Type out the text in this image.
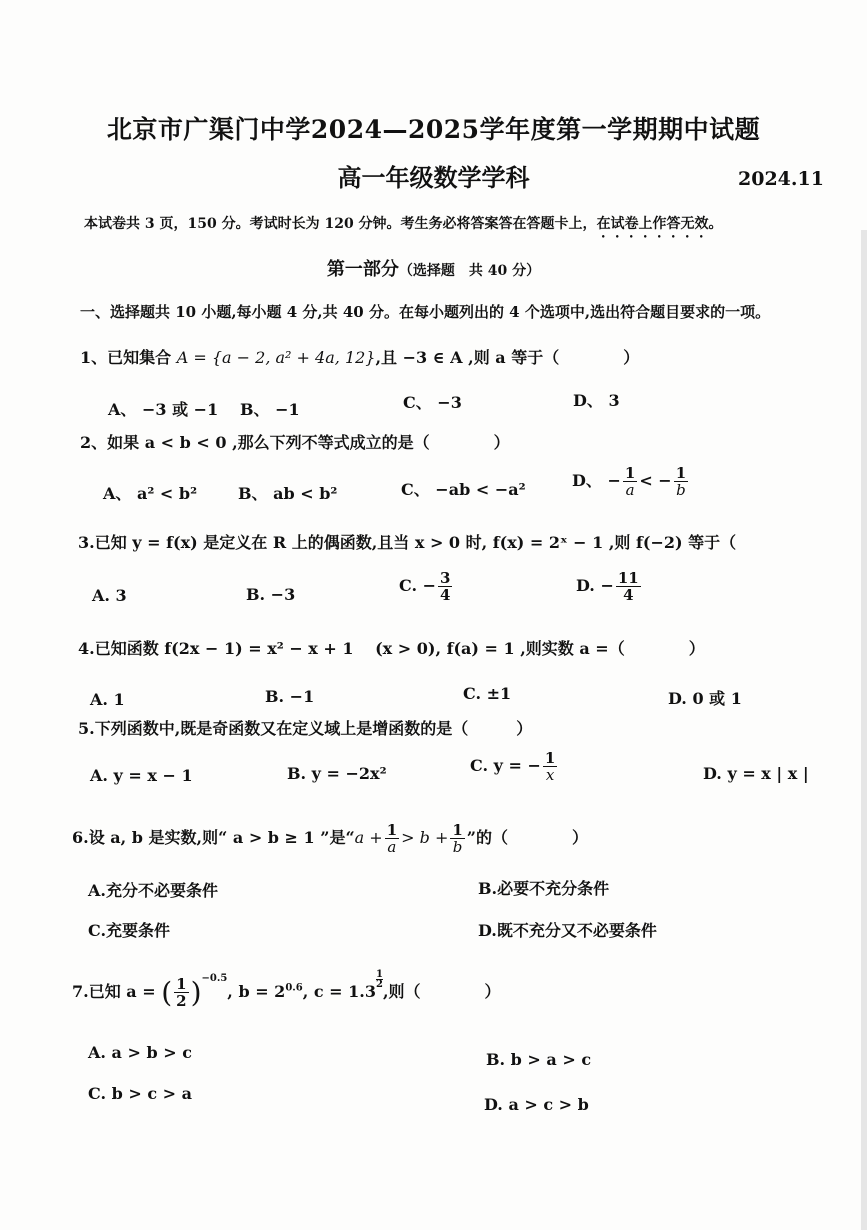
北京市广渠门中学2024—2025学年度第一学期期中试题
高一年级数学学科	2024.11
本试卷共 3 页，150 分。考试时长为 120 分钟。考生务必将答案答在答题卡上，在试卷上作答无效。
第一部分（选择题　共 40 分）
一、选择题共 10 小题,每小题 4 分,共 40 分。在每小题列出的 4 个选项中,选出符合题目要求的一项。
1、已知集合 A = {a − 2, a² + 4a, 12},且 −3 ∈ A ,则 a 等于（　　　　）
A、 −3 或 −1 B、 −1	C、 −3	D、 3
2、如果 a < b < 0 ,那么下列不等式成立的是（　　　　）
A、 a² < b²	B、 ab < b²	C、 −ab < −a²	D、 − $\frac{1}{a}$ < − $\frac{1}{b}$
3.已知 y = f(x) 是定义在 R 上的偶函数,且当 x > 0 时, f(x) = 2ˣ − 1 ,则 f(−2) 等于（
A. 3	B. −3	C. − $\frac{3}{4}$	D. − $\frac{11}{4}$
4.已知函数 f(2x − 1) = x² − x + 1　 (x > 0), f(a) = 1 ,则实数 a =（　　　　）
A. 1	B. −1	C. ±1	D. 0 或 1
5.下列函数中,既是奇函数又在定义域上是增函数的是（　　　）
A. y = x − 1	B. y = −2x²	C. y = − $\frac{1}{x}$	D. y = x | x |
6.设 a, b 是实数,则“ a > b ≥ 1 ”是“$a + \frac{1}{a} > b + \frac{1}{b}$ ”的（　　　　）
A.充分不必要条件	B.必要不充分条件
C.充要条件	D.既不充分又不必要条件
7.已知 a = ( $\frac{1}{2} )^{-0.5}$, $b = 2^{0.6}$, c = 1.3
$^{\frac{1}{2}}$
,则（　　　　）
A. a > b > c	B. b > a > c
C. b > c > a
D. a > c > b
